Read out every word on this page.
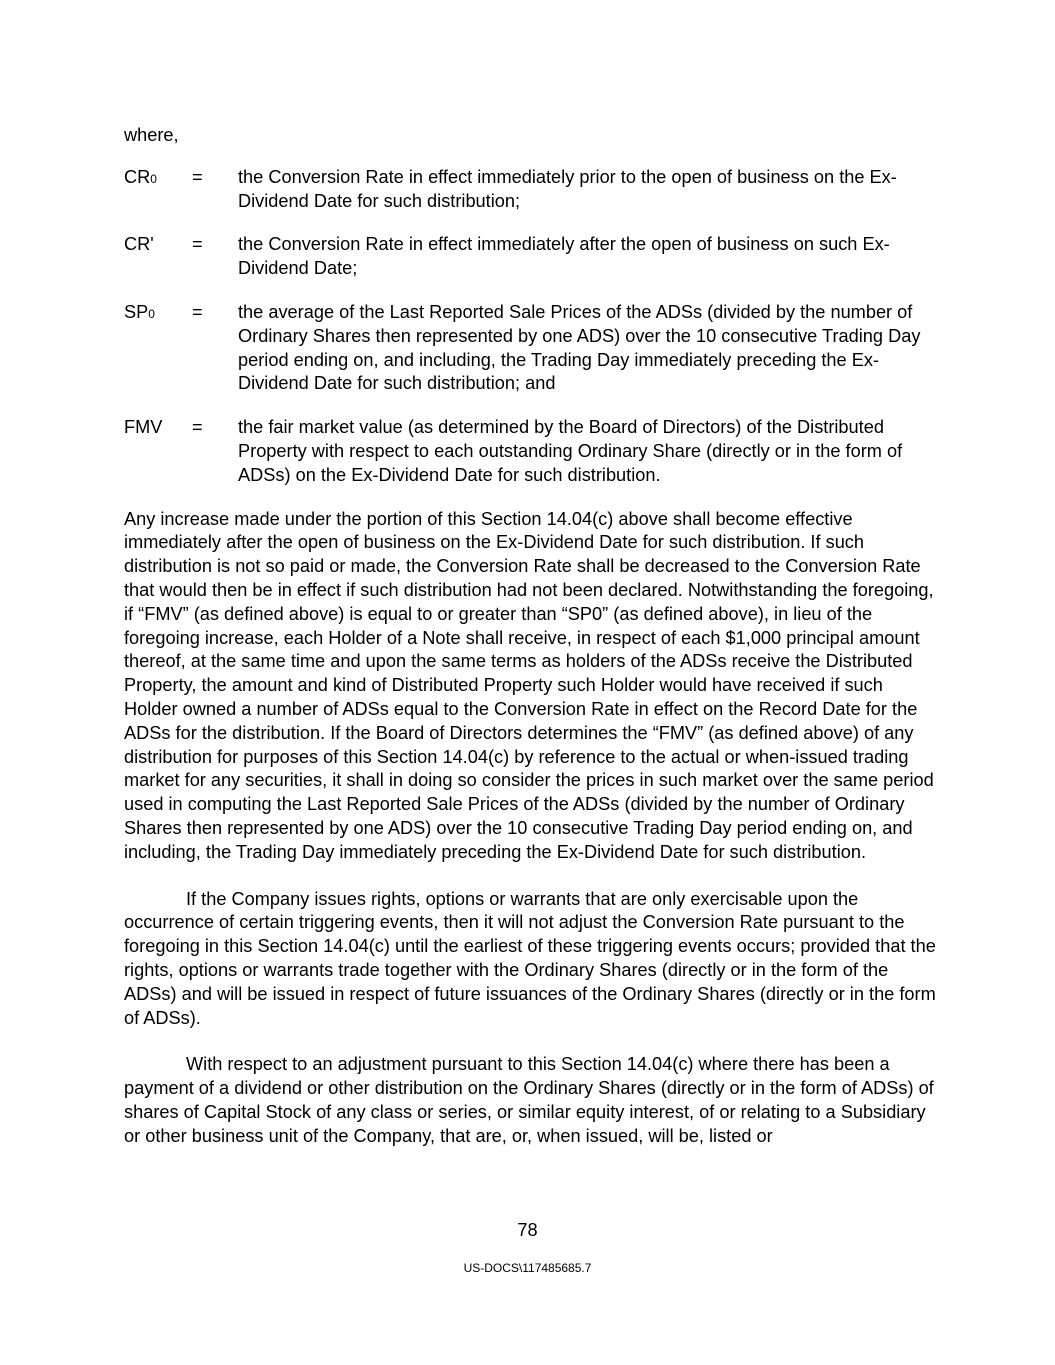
where,

CR0 = the Conversion Rate in effect immediately prior to the open of business on the Ex-Dividend Date for such distribution;

CR' = the Conversion Rate in effect immediately after the open of business on such Ex-Dividend Date;

SP0 = the average of the Last Reported Sale Prices of the ADSs (divided by the number of Ordinary Shares then represented by one ADS) over the 10 consecutive Trading Day period ending on, and including, the Trading Day immediately preceding the Ex-Dividend Date for such distribution; and

FMV = the fair market value (as determined by the Board of Directors) of the Distributed Property with respect to each outstanding Ordinary Share (directly or in the form of ADSs) on the Ex-Dividend Date for such distribution.

Any increase made under the portion of this Section 14.04(c) above shall become effective immediately after the open of business on the Ex-Dividend Date for such distribution. If such distribution is not so paid or made, the Conversion Rate shall be decreased to the Conversion Rate that would then be in effect if such distribution had not been declared. Notwithstanding the foregoing, if “FMV” (as defined above) is equal to or greater than “SP0” (as defined above), in lieu of the foregoing increase, each Holder of a Note shall receive, in respect of each $1,000 principal amount thereof, at the same time and upon the same terms as holders of the ADSs receive the Distributed Property, the amount and kind of Distributed Property such Holder would have received if such Holder owned a number of ADSs equal to the Conversion Rate in effect on the Record Date for the ADSs for the distribution. If the Board of Directors determines the “FMV” (as defined above) of any distribution for purposes of this Section 14.04(c) by reference to the actual or when-issued trading market for any securities, it shall in doing so consider the prices in such market over the same period used in computing the Last Reported Sale Prices of the ADSs (divided by the number of Ordinary Shares then represented by one ADS) over the 10 consecutive Trading Day period ending on, and including, the Trading Day immediately preceding the Ex-Dividend Date for such distribution.

If the Company issues rights, options or warrants that are only exercisable upon the occurrence of certain triggering events, then it will not adjust the Conversion Rate pursuant to the foregoing in this Section 14.04(c) until the earliest of these triggering events occurs; provided that the rights, options or warrants trade together with the Ordinary Shares (directly or in the form of the ADSs) and will be issued in respect of future issuances of the Ordinary Shares (directly or in the form of ADSs).

With respect to an adjustment pursuant to this Section 14.04(c) where there has been a payment of a dividend or other distribution on the Ordinary Shares (directly or in the form of ADSs) of shares of Capital Stock of any class or series, or similar equity interest, of or relating to a Subsidiary or other business unit of the Company, that are, or, when issued, will be, listed or

78
US-DOCS\117485685.7
